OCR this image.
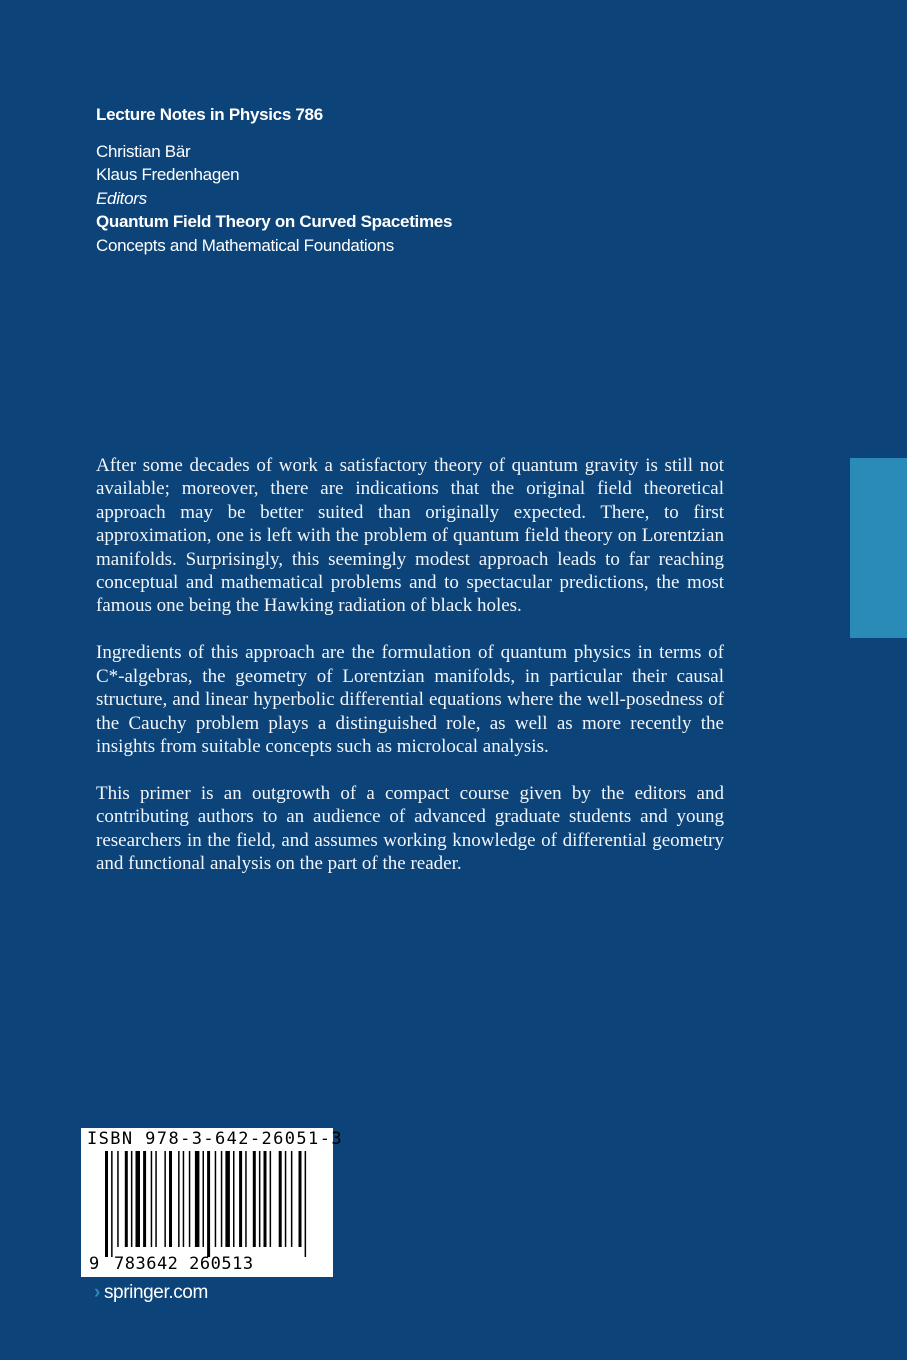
Lecture Notes in Physics 786
Christian Bär
Klaus Fredenhagen
Editors
Quantum Field Theory on Curved Spacetimes
Concepts and Mathematical Foundations

After some decades of work a satisfactory theory of quantum gravity is still not available; moreover, there are indications that the original field theoretical approach may be better suited than originally expected. There, to first approximation, one is left with the problem of quantum field theory on Lorentzian manifolds. Surprisingly, this seemingly modest approach leads to far reaching conceptual and mathematical problems and to spectacular predictions, the most famous one being the Hawking radiation of black holes.

Ingredients of this approach are the formulation of quantum physics in terms of C*-algebras, the geometry of Lorentzian manifolds, in particular their causal structure, and linear hyperbolic differential equations where the well-posedness of the Cauchy problem plays a distinguished role, as well as more recently the insights from suitable concepts such as microlocal analysis.

This primer is an outgrowth of a compact course given by the editors and contributing authors to an audience of advanced graduate students and young researchers in the field, and assumes working knowledge of differential geometry and functional analysis on the part of the reader.

ISBN 978-3-642-26051-3
9 783642 260513
› springer.com
